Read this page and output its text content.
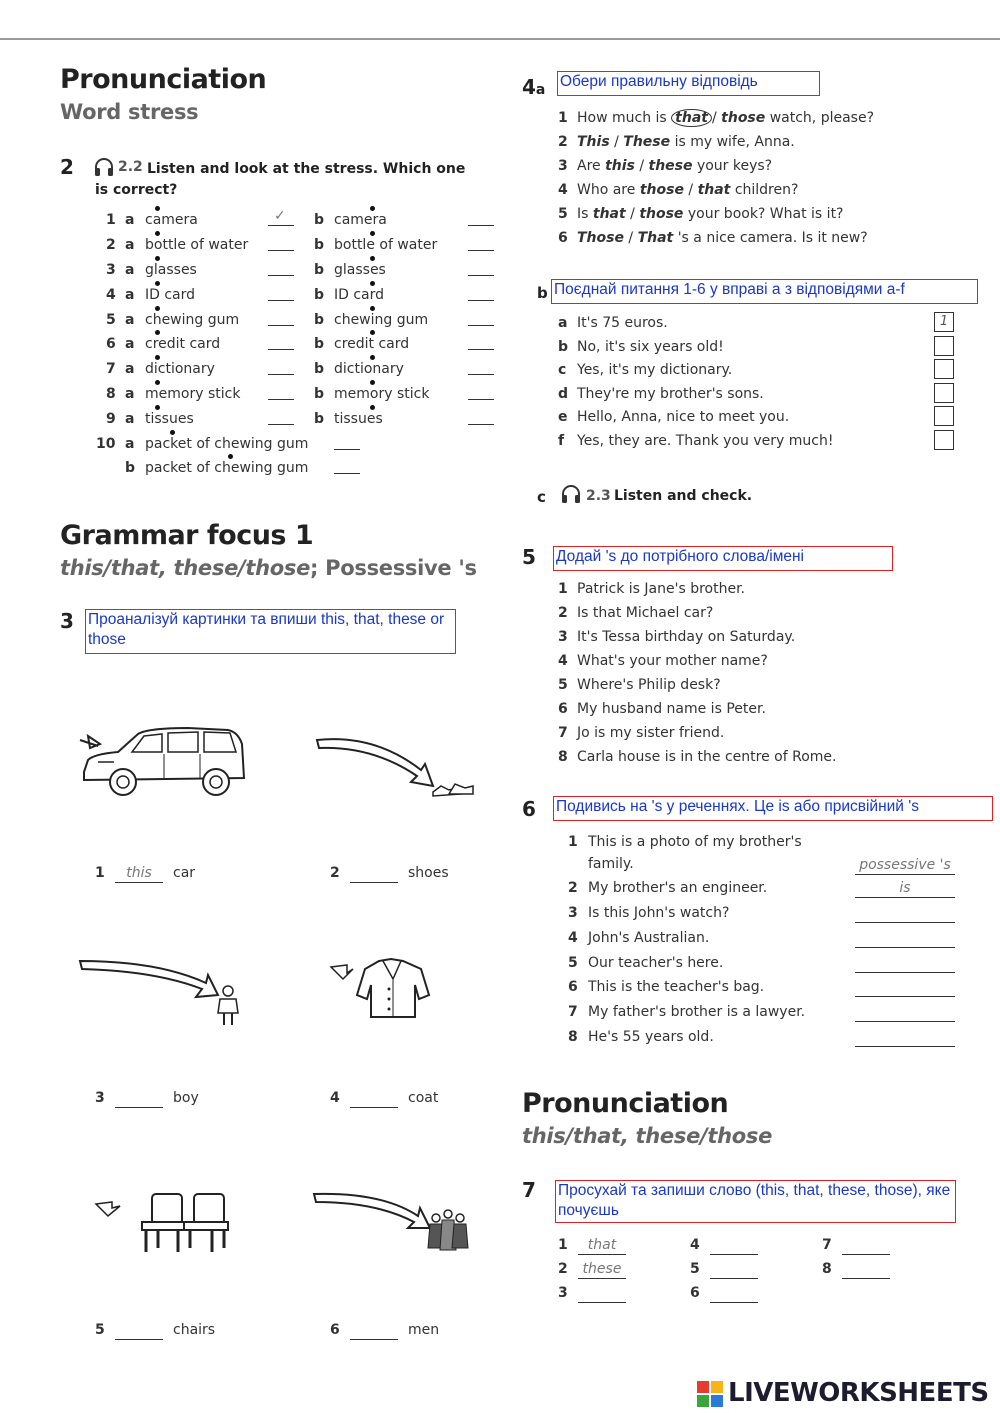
Pronunciation
Word stress
2	2.2 Listen and look at the stress. Which one is correct?
1 a camera	✓ b camera
2 a bottle of water	b bottle of water
3 a glasses	b glasses
4 a ID card	b ID card
5 a chewing gum	b chewing gum
6 a credit card	b credit card
7 a dictionary	b dictionary
8 a memory stick	b memory stick
9 a tissues	b tissues
10 a packet of chewing gum
b packet of chewing gum
Grammar focus 1
this/that, these/those; Possessive 's
3 Проаналізуй картинки та впиши this, that, these or those
1	this	car	2	shoes
3	boy	4	coat
5	chairs	6	men
4a Обери правильну відповідь
1 How much is that / those watch, please?
2 This / These is my wife, Anna.
3 Are this / these your keys?
4 Who are those / that children?
5 Is that / those your book? What is it?
6 Those / That 's a nice camera. Is it new?
b Поєднай питання 1-6 у вправі а з відповідями а-f
a It's 75 euros.	1
b No, it's six years old!
c Yes, it's my dictionary.
d They're my brother's sons.
e Hello, Anna, nice to meet you.
f Yes, they are. Thank you very much!
c	2.3 Listen and check.
5 Додай 's до потрібного слова/імені
1 Patrick is Jane's brother.
2 Is that Michael car?
3 It's Tessa birthday on Saturday.
4 What's your mother name?
5 Where's Philip desk?
6 My husband name is Peter.
7 Jo is my sister friend.
8 Carla house is in the centre of Rome.
6 Подивись на 's у реченнях. Це is або присвійний 's
1 This is a photo of my brother's
family.	possessive 's
2 My brother's an engineer.	is
3 Is this John's watch?
4 John's Australian.
5 Our teacher's here.
6 This is the teacher's bag.
7 My father's brother is a lawyer.
8 He's 55 years old.
Pronunciation
this/that, these/those
7 Просухай та запиши слово (this, that, these, those), яке почуєшь
1	that
2	these
3
4
5
6
7
8
LIVEWORKSHEETS
